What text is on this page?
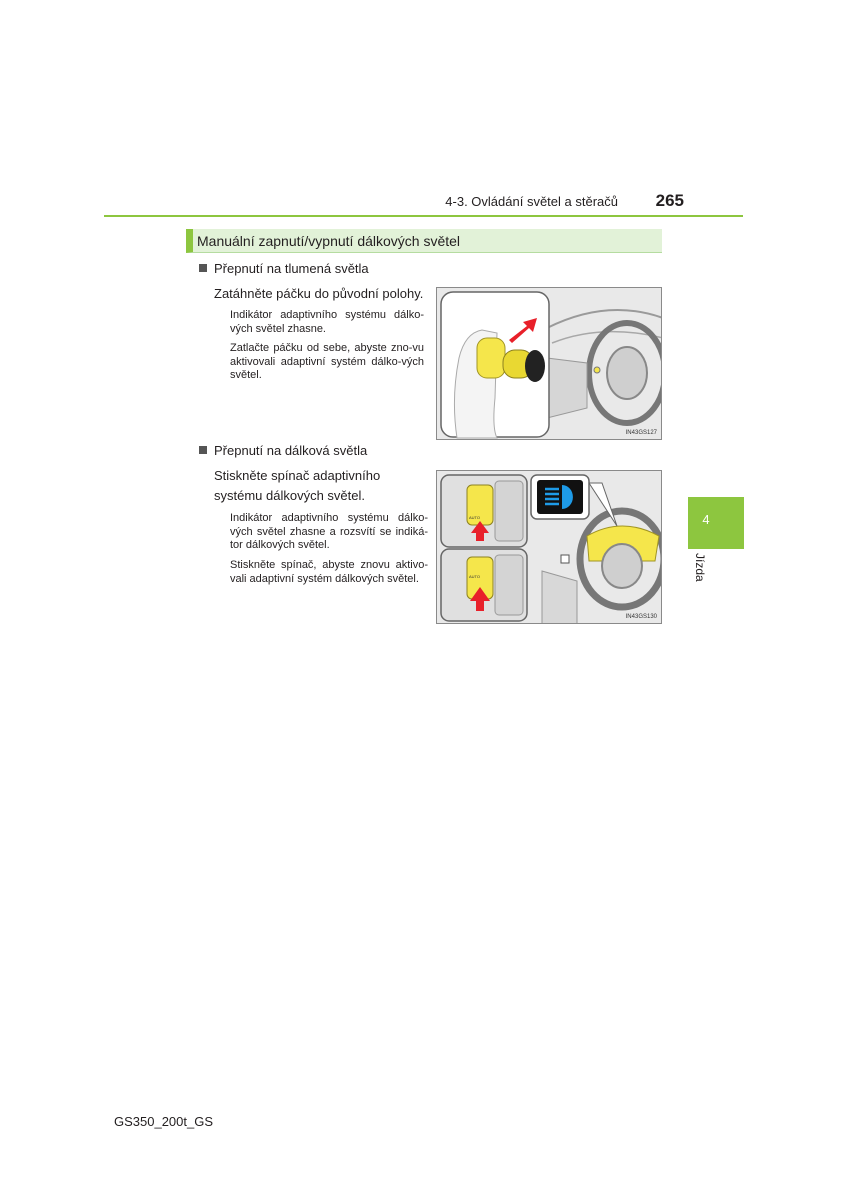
4-3. Ovládání světel a stěračů	265
Manuální zapnutí/vypnutí dálkových světel
Přepnutí na tlumená světla
Zatáhněte páčku do původní polohy.
Indikátor adaptivního systému dálko-vých světel zhasne.
Zatlačte páčku od sebe, abyste zno-vu aktivovali adaptivní systém dálko-vých světel.
IN43GS127
Přepnutí na dálková světla
Stiskněte spínač adaptivního systému dálkových světel.
Indikátor adaptivního systému dálko-vých světel zhasne a rozsvítí se indiká-tor dálkových světel.
Stiskněte spínač, abyste znovu aktivo-vali adaptivní systém dálkových světel.
AUTO
AUTO
IN43GS130
4
Jízda
GS350_200t_GS
